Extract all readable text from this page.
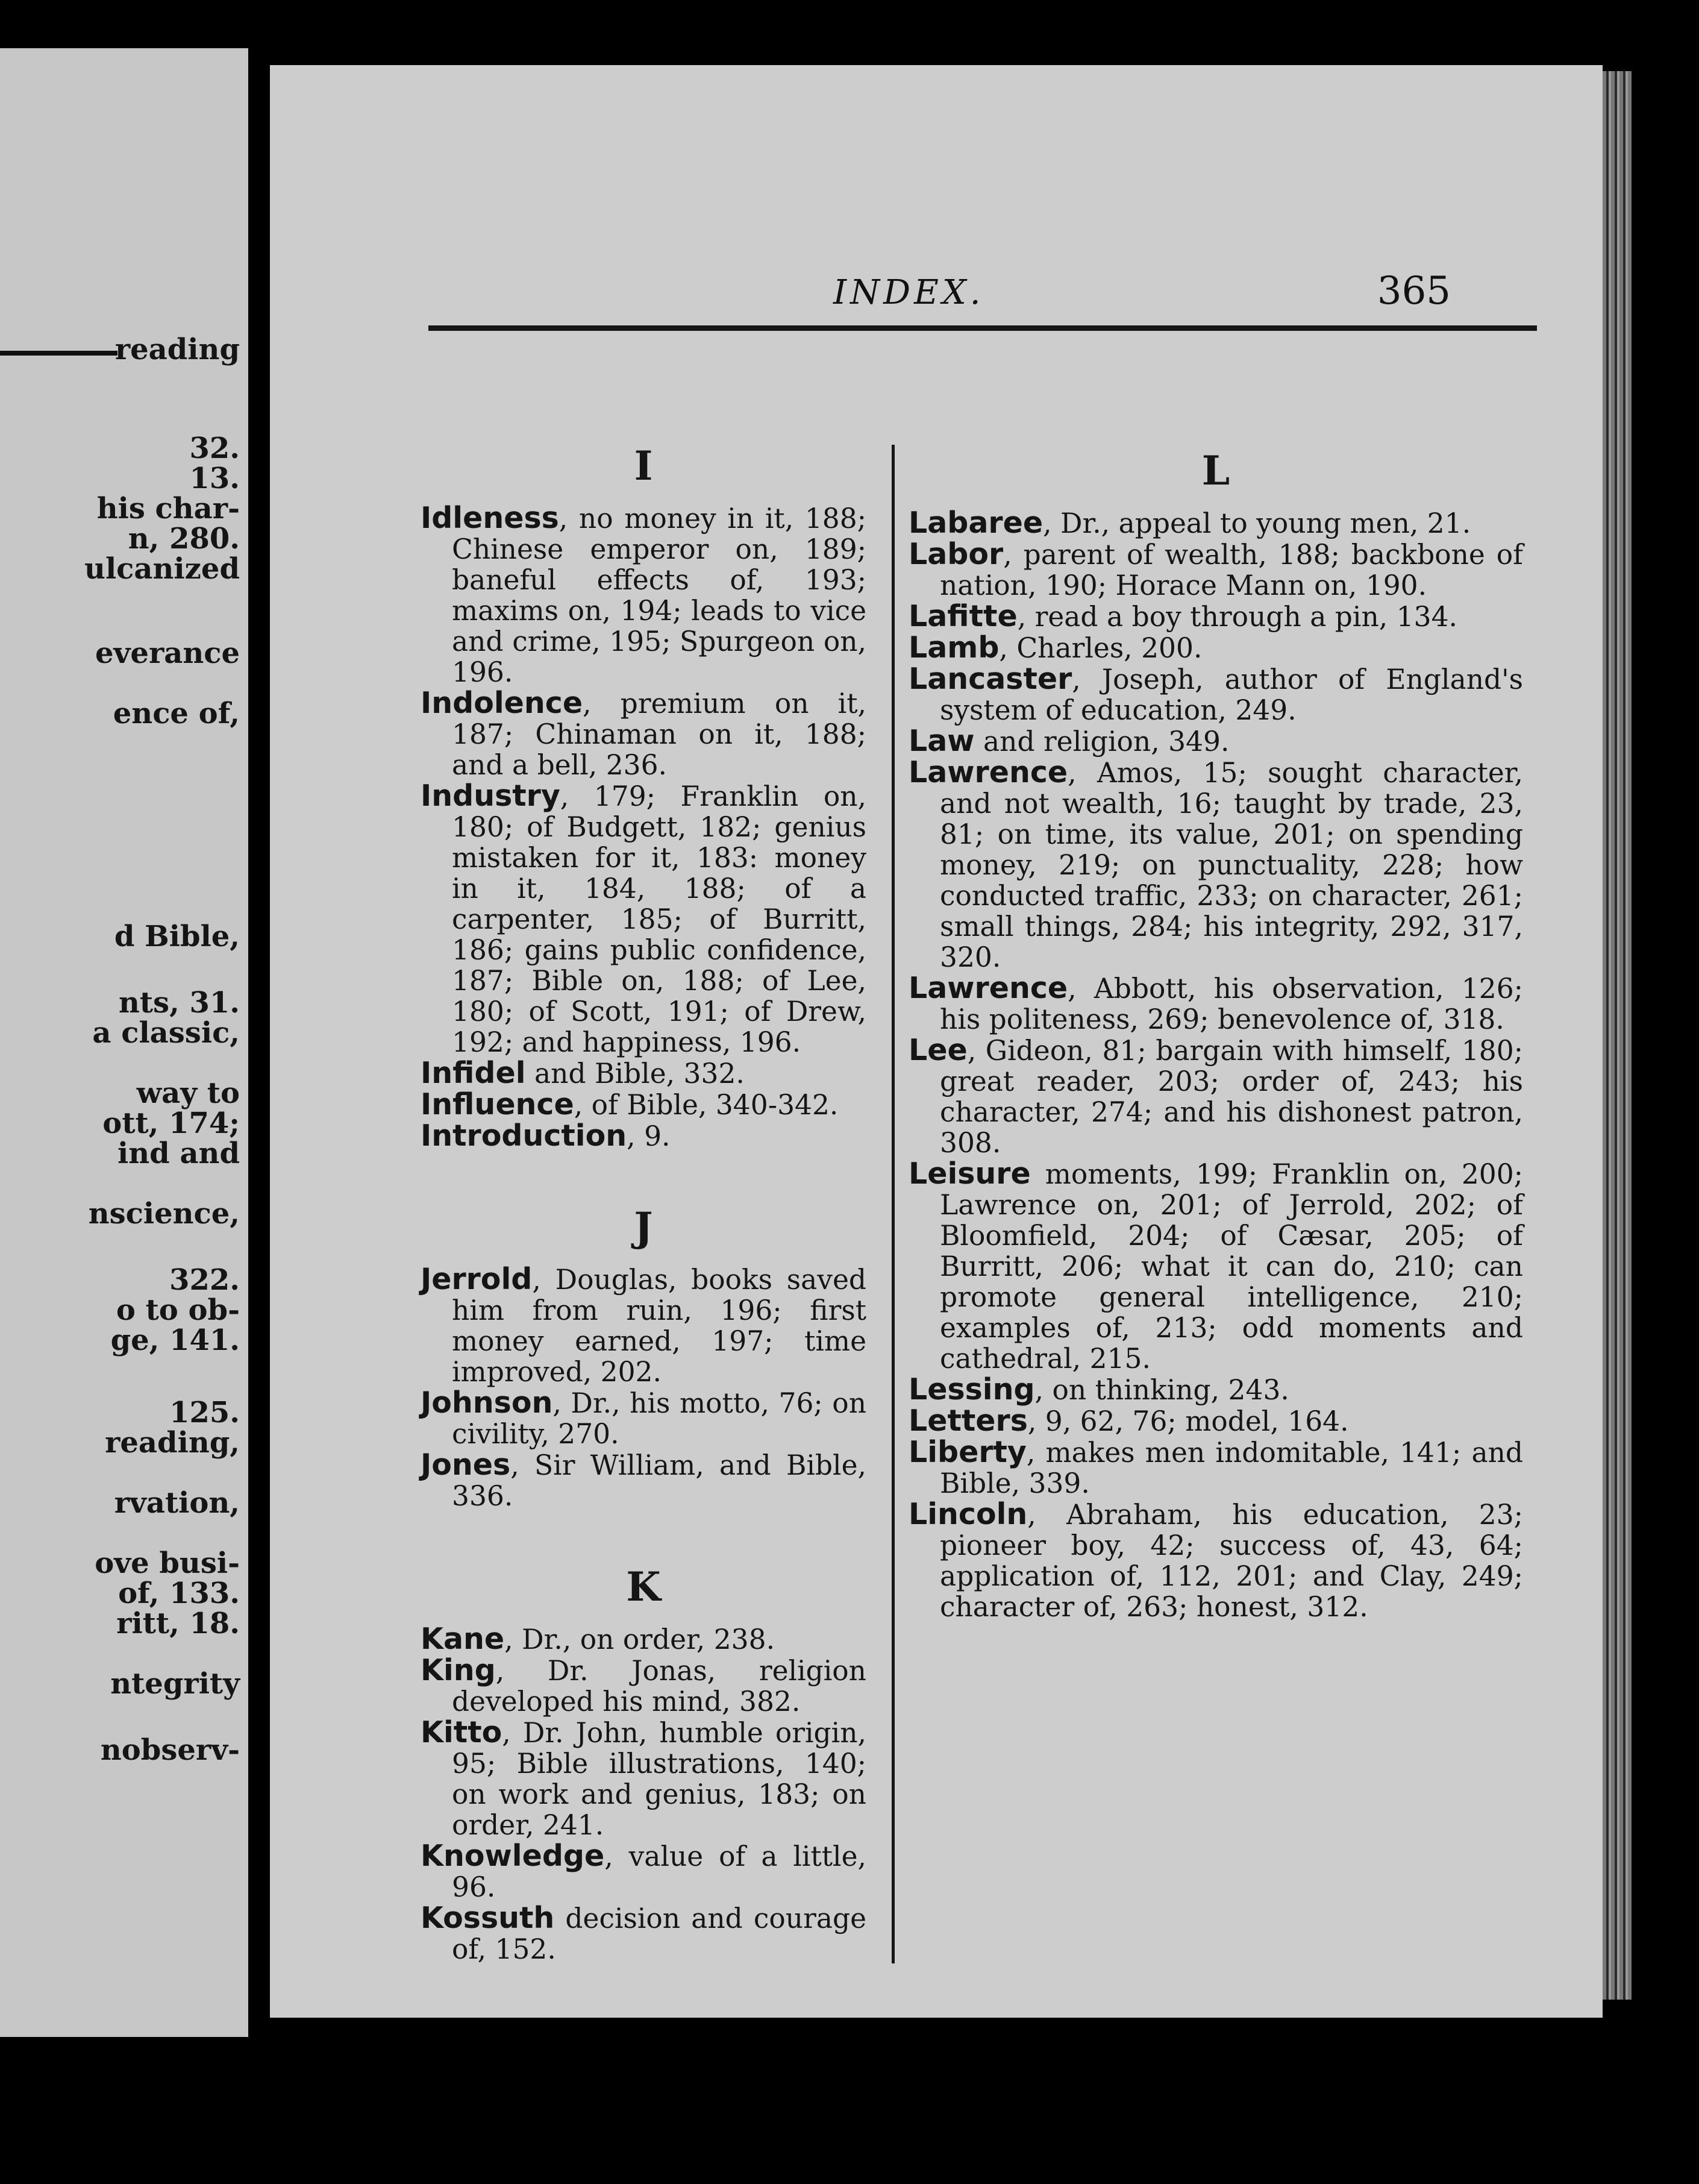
reading
32.
13.
his char-
n, 280.
ulcanized
everance
ence of,
d Bible,
nts, 31.
a classic,
way to
ott, 174;
ind and
nscience,
322.
o to ob-
ge, 141.
125.
reading,
rvation,
ove busi-
of, 133.
ritt, 18.
ntegrity
nobserv-
INDEX.	365
I

Idleness, no money in it, 188; Chinese emperor on, 189; baneful effects of, 193; maxims on, 194; leads to vice and crime, 195; Spurgeon on, 196.

Indolence, premium on it, 187; Chinaman on it, 188; and a bell, 236.

Industry, 179; Franklin on, 180; of Budgett, 182; genius mistaken for it, 183: money in it, 184, 188; of a carpenter, 185; of Burritt, 186; gains public confidence, 187; Bible on, 188; of Lee, 180; of Scott, 191; of Drew, 192; and happiness, 196.

Infidel and Bible, 332.

Influence, of Bible, 340-342.

Introduction, 9.

J

Jerrold, Douglas, books saved him from ruin, 196; first money earned, 197; time improved, 202.

Johnson, Dr., his motto, 76; on civility, 270.

Jones, Sir William, and Bible, 336.

K

Kane, Dr., on order, 238.

King, Dr. Jonas, religion developed his mind, 382.

Kitto, Dr. John, humble origin, 95; Bible illustrations, 140; on work and genius, 183; on order, 241.

Knowledge, value of a little, 96.

Kossuth decision and courage of, 152.

L

Labaree, Dr., appeal to young men, 21.

Labor, parent of wealth, 188; backbone of nation, 190; Horace Mann on, 190.

Lafitte, read a boy through a pin, 134.

Lamb, Charles, 200.

Lancaster, Joseph, author of England's system of education, 249.

Law and religion, 349.

Lawrence, Amos, 15; sought character, and not wealth, 16; taught by trade, 23, 81; on time, its value, 201; on spending money, 219; on punctuality, 228; how conducted traffic, 233; on character, 261; small things, 284; his integrity, 292, 317, 320.

Lawrence, Abbott, his observation, 126; his politeness, 269; benevolence of, 318.

Lee, Gideon, 81; bargain with himself, 180; great reader, 203; order of, 243; his character, 274; and his dishonest patron, 308.

Leisure moments, 199; Franklin on, 200; Lawrence on, 201; of Jerrold, 202; of Bloomfield, 204; of Cæsar, 205; of Burritt, 206; what it can do, 210; can promote general intelligence, 210; examples of, 213; odd moments and cathedral, 215.

Lessing, on thinking, 243.

Letters, 9, 62, 76; model, 164.

Liberty, makes men indomitable, 141; and Bible, 339.

Lincoln, Abraham, his education, 23; pioneer boy, 42; success of, 43, 64; application of, 112, 201; and Clay, 249; character of, 263; honest, 312.
